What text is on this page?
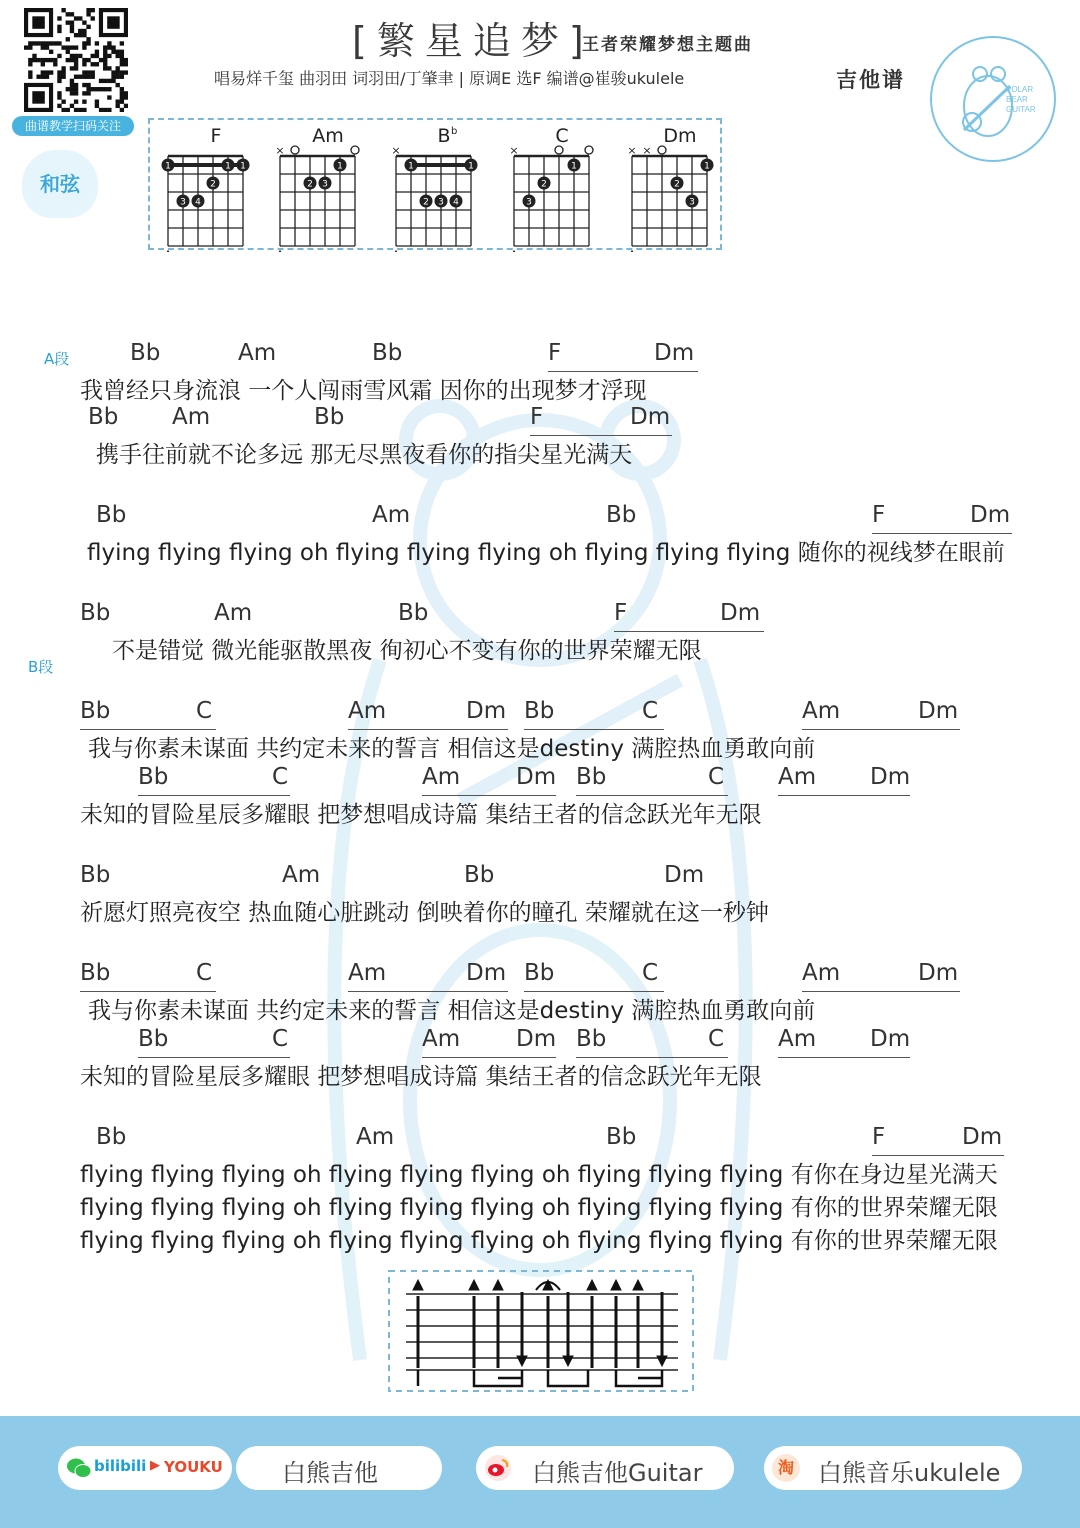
曲谱教学扫码关注
和弦
[繁星追梦]
王者荣耀梦想主题曲
唱易烊千玺 曲羽田 词羽田/丁肇聿 | 原调E 选F 编谱@崔骏ukulele	吉他谱	POLAR
BEAR
GUITAR
F
1	1 1
2
3 4
Am
×
1
2 3
B b
×
1	1
2 3 4
C
×
1
2
3
Dm
× ×
1
2
3
A段
B段
Bb	Am	Bb	F	Dm
我曾经只身流浪 一个人闯雨雪风霜 因你的出现梦才浮现
Bb Am	Bb	F	Dm
携手往前就不论多远 那无尽黑夜看你的指尖星光满天
Bb	Am	Bb	F	Dm
flying flying flying oh flying flying flying oh flying flying flying 随你的视线梦在眼前
Bb	Am	Bb	F	Dm
不是错觉 微光能驱散黑夜 徇初心不变有你的世界荣耀无限
Bb	C	Am	Dm Bb	C	Am	Dm
我与你素未谋面 共约定未来的誓言 相信这是destiny 满腔热血勇敢向前
Bb	C	Am Dm Bb	C Am Dm
未知的冒险星辰多耀眼 把梦想唱成诗篇 集结王者的信念跃光年无限
Bb	Am	Bb	Dm
祈愿灯照亮夜空 热血随心脏跳动 倒映着你的瞳孔 荣耀就在这一秒钟
Bb	C	Am	Dm Bb	C	Am	Dm
我与你素未谋面 共约定未来的誓言 相信这是destiny 满腔热血勇敢向前
Bb	C	Am Dm Bb	C Am Dm
未知的冒险星辰多耀眼 把梦想唱成诗篇 集结王者的信念跃光年无限
Bb	Am	Bb	F	Dm
flying flying flying oh flying flying flying oh flying flying flying 有你在身边星光满天
flying flying flying oh flying flying flying oh flying flying flying 有你的世界荣耀无限
flying flying flying oh flying flying flying oh flying flying flying 有你的世界荣耀无限
bilibili ▶ YOUKU 白熊吉他	白熊吉他Guitar	淘 白熊音乐ukulele
